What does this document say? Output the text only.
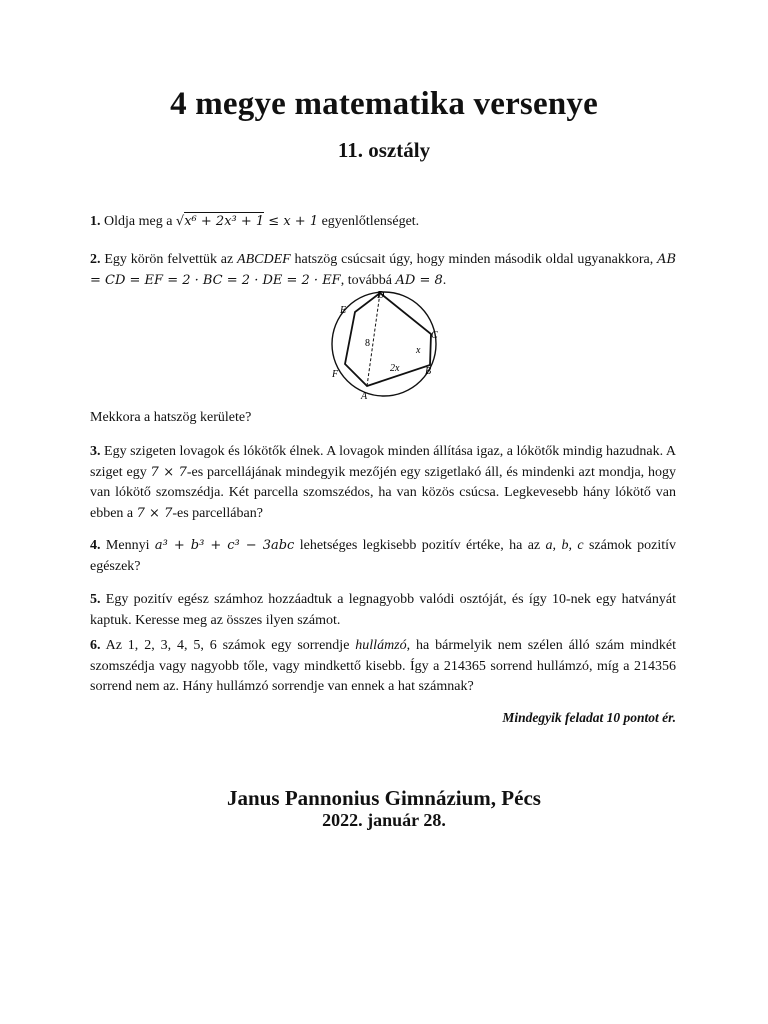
4 megye matematika versenye
11. osztály
1. Oldja meg a √x⁶ + 2x³ + 1 ≤ x + 1 egyenlőtlenséget.
2. Egy körön felvettük az ABCDEF hatszög csúcsait úgy, hogy minden második oldal ugyanakkora, AB = CD = EF = 2 · BC = 2 · DE = 2 · EF, továbbá AD = 8.
A
B
C
D
E
F
8
2x
x
Mekkora a hatszög kerülete?
3. Egy szigeten lovagok és lókötők élnek. A lovagok minden állítása igaz, a lókötők mindig hazudnak. A sziget egy 7 × 7-es parcellájának mindegyik mezőjén egy szigetlakó áll, és mindenki azt mondja, hogy van lókötő szomszédja. Két parcella szomszédos, ha van közös csúcsa. Legkevesebb hány lókötő van ebben a 7 × 7-es parcellában?
4. Mennyi a³ + b³ + c³ − 3abc lehetséges legkisebb pozitív értéke, ha az a, b, c számok pozitív egészek?
5. Egy pozitív egész számhoz hozzáadtuk a legnagyobb valódi osztóját, és így 10-nek egy hatványát kaptuk. Keresse meg az összes ilyen számot.
6. Az 1, 2, 3, 4, 5, 6 számok egy sorrendje hullámzó, ha bármelyik nem szélen álló szám mindkét szomszédja vagy nagyobb tőle, vagy mindkettő kisebb. Így a 214365 sorrend hullámzó, míg a 214356 sorrend nem az. Hány hullámzó sorrendje van ennek a hat számnak?
Mindegyik feladat 10 pontot ér.
Janus Pannonius Gimnázium, Pécs
2022. január 28.
